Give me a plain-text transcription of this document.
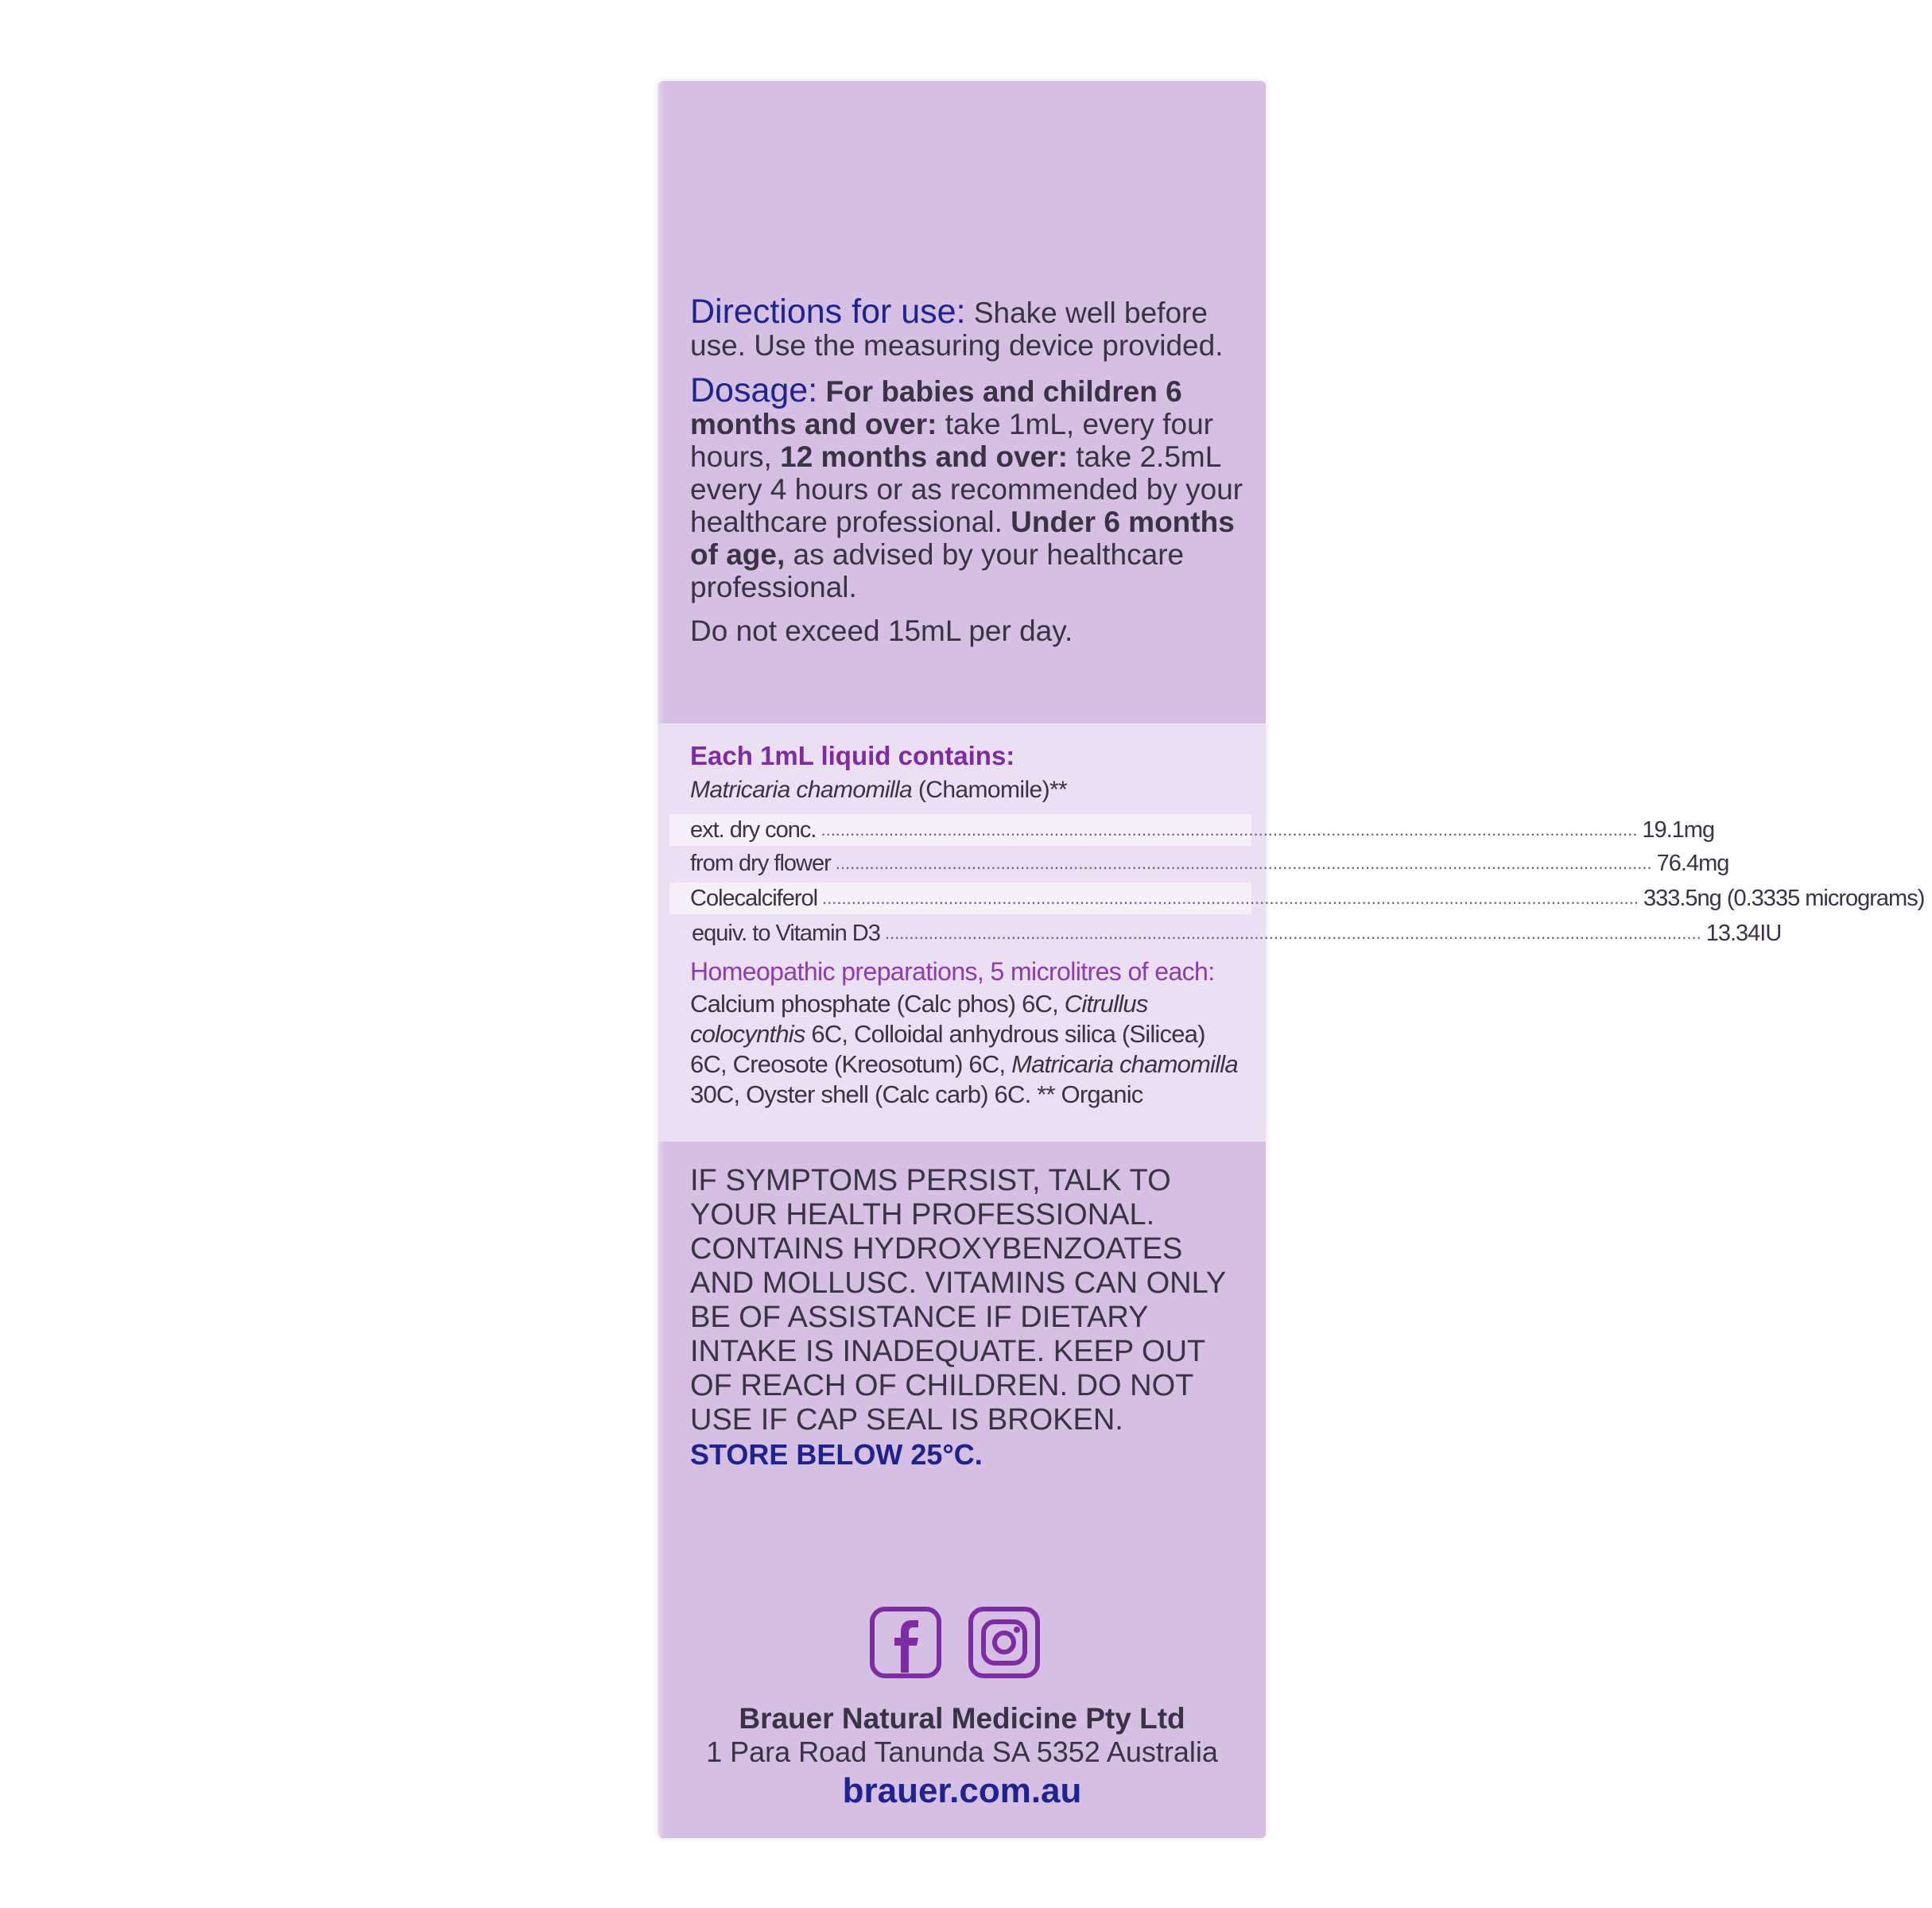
Directions for use: Shake well before use. Use the measuring device provided.

Dosage: For babies and children 6 months and over: take 1mL, every four hours, 12 months and over: take 2.5mL every 4 hours or as recommended by your healthcare professional. Under 6 months of age, as advised by your healthcare professional.

Do not exceed 15mL per day.

Each 1mL liquid contains:

Matricaria chamomilla (Chamomile)**

ext. dry conc. ........................................................................................................................................................................ 19.1mg
from dry flower ........................................................................................................................................................................ 76.4mg
Colecalciferol ........................................................................................................................................................................ 333.5ng (0.3335 micrograms)
equiv. to Vitamin D3 ........................................................................................................................................................................ 13.34IU

Homeopathic preparations, 5 microlitres of each:

Calcium phosphate (Calc phos) 6C, Citrullus colocynthis 6C, Colloidal anhydrous silica (Silicea) 6C, Creosote (Kreosotum) 6C, Matricaria chamomilla 30C, Oyster shell (Calc carb) 6C. ** Organic

IF SYMPTOMS PERSIST, TALK TO YOUR HEALTH PROFESSIONAL. CONTAINS HYDROXYBENZOATES AND MOLLUSC. VITAMINS CAN ONLY BE OF ASSISTANCE IF DIETARY INTAKE IS INADEQUATE. KEEP OUT OF REACH OF CHILDREN. DO NOT USE IF CAP SEAL IS BROKEN.

STORE BELOW 25°C.

Brauer Natural Medicine Pty Ltd

1 Para Road Tanunda SA 5352 Australia

brauer.com.au
